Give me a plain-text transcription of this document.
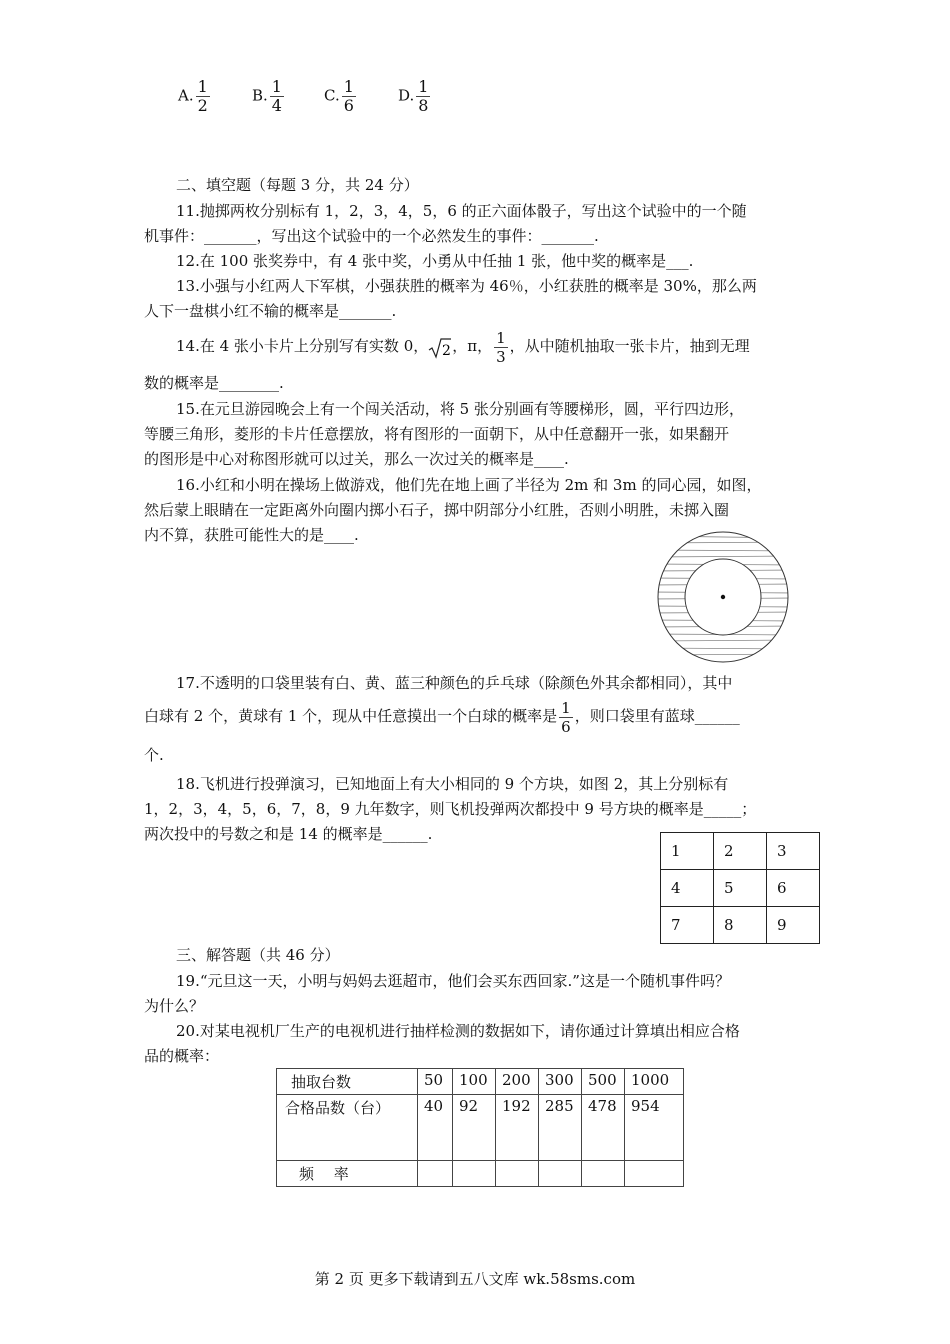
A. $\frac{1}{2}$	B. $\frac{1}{4}$	C. $\frac{1}{6}$	D. $\frac{1}{8}$
二、填空题（每题 3 分，共 24 分）
11.抛掷两枚分别标有 1，2，3，4，5，6 的正六面体骰子，写出这个试验中的一个随
机事件：_______，写出这个试验中的一个必然发生的事件：_______.
12.在 100 张奖券中，有 4 张中奖，小勇从中任抽 1 张，他中奖的概率是___.
13.小强与小红两人下军棋，小强获胜的概率为 46％，小红获胜的概率是 30%，那么两
人下一盘棋小红不输的概率是_______.
14.在 4 张小卡片上分别写有实数 0， 2 ，π， $\frac{1}{3}$ ，从中随机抽取一张卡片，抽到无理
数的概率是________.
15.在元旦游园晚会上有一个闯关活动，将 5 张分别画有等腰梯形，圆，平行四边形，
等腰三角形，菱形的卡片任意摆放，将有图形的一面朝下，从中任意翻开一张，如果翻开
的图形是中心对称图形就可以过关，那么一次过关的概率是____.
16.小红和小明在操场上做游戏，他们先在地上画了半径为 2m 和 3m 的同心园，如图，
然后蒙上眼睛在一定距离外向圈内掷小石子，掷中阴部分小红胜，否则小明胜，未掷入圈
内不算，获胜可能性大的是____.
17.不透明的口袋里装有白、黄、蓝三种颜色的乒乓球（除颜色外其余都相同），其中
白球有 2 个，黄球有 1 个，现从中任意摸出一个白球的概率是 $\frac{1}{6}$ ，则口袋里有蓝球______
个.
18.飞机进行投弹演习，已知地面上有大小相同的 9 个方块，如图 2，其上分别标有
1，2，3，4，5，6，7，8，9 九年数字，则飞机投弹两次都投中 9 号方块的概率是_____；
两次投中的号数之和是 14 的概率是______.
1	2	3
4	5	6
7	8	9
三、解答题（共 46 分）
19.“元旦这一天，小明与妈妈去逛超市，他们会买东西回家.”这是一个随机事件吗？
为什么？
20.对某电视机厂生产的电视机进行抽样检测的数据如下，请你通过计算填出相应合格
品的概率：
抽取台数	50	100	200	300	500	1000
合格品数（台）	40	92	192	285	478	954
频　 率						
第 2 页 更多下载请到五八文库 wk.58sms.com
